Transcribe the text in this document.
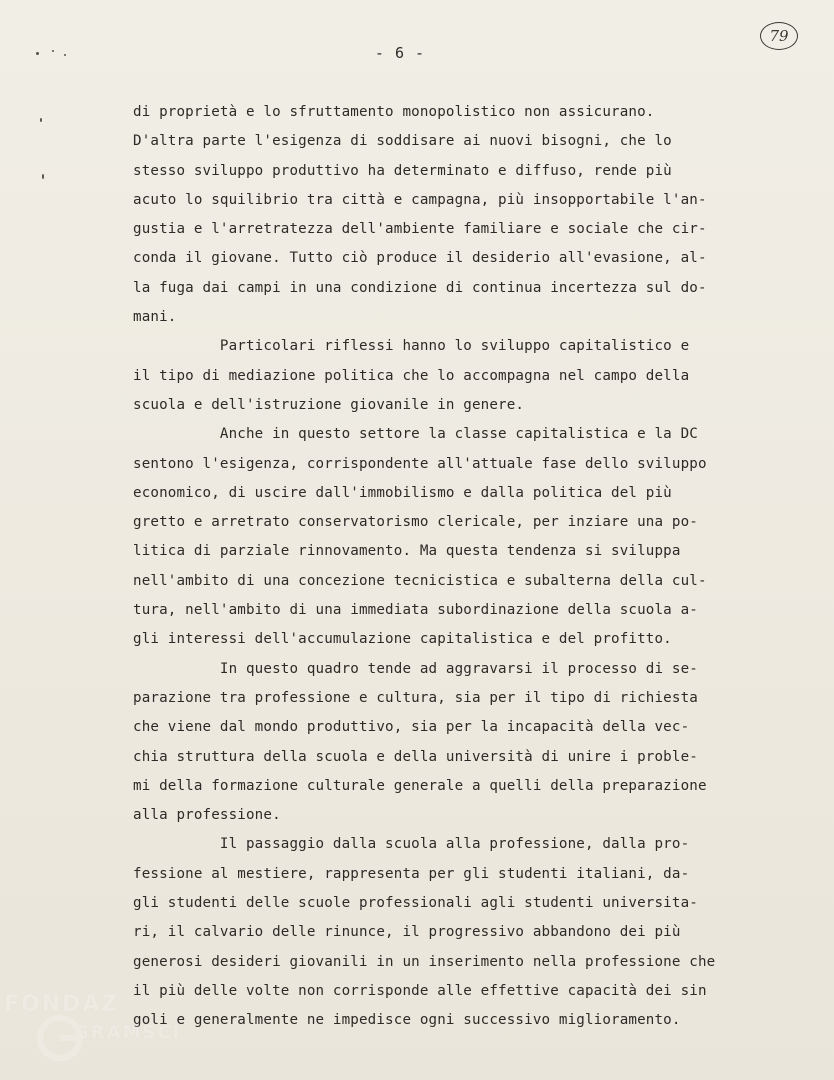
- 6 -
79
di proprietà e lo sfruttamento monopolistico non assicurano.
D'altra parte l'esigenza di soddisare ai nuovi bisogni, che lo
stesso sviluppo produttivo ha determinato e diffuso, rende più
acuto lo squilibrio tra città e campagna, più insopportabile l'an-
gustia e l'arretratezza dell'ambiente familiare e sociale che cir-
conda il giovane. Tutto ciò produce il desiderio all'evasione, al-
la fuga dai campi in una condizione di continua incertezza sul do-
mani.
Particolari riflessi hanno lo sviluppo capitalistico e
il tipo di mediazione politica che lo accompagna nel campo della
scuola e dell'istruzione giovanile in genere.
Anche in questo settore la classe capitalistica e la DC
sentono l'esigenza, corrispondente all'attuale fase dello sviluppo
economico, di uscire dall'immobilismo e dalla politica del più
gretto e arretrato conservatorismo clericale, per inziare una po-
litica di parziale rinnovamento. Ma questa tendenza si sviluppa
nell'ambito di una concezione tecnicistica e subalterna della cul-
tura, nell'ambito di una immediata subordinazione della scuola a-
gli interessi dell'accumulazione capitalistica e del profitto.
In questo quadro tende ad aggravarsi il processo di se-
parazione tra professione e cultura, sia per il tipo di richiesta
che viene dal mondo produttivo, sia per la incapacità della vec-
chia struttura della scuola e della università di unire i proble-
mi della formazione culturale generale a quelli della preparazione
alla professione.
Il passaggio dalla scuola alla professione, dalla pro-
fessione al mestiere, rappresenta per gli studenti italiani, da-
gli studenti delle scuole professionali agli studenti universita-
ri, il calvario delle rinunce, il progressivo abbandono dei più
generosi desideri giovanili in un inserimento nella professione che
il più delle volte non corrisponde alle effettive capacità dei sin
goli e generalmente ne impedisce ogni successivo miglioramento.
FONDAZ
GRAMSCI
